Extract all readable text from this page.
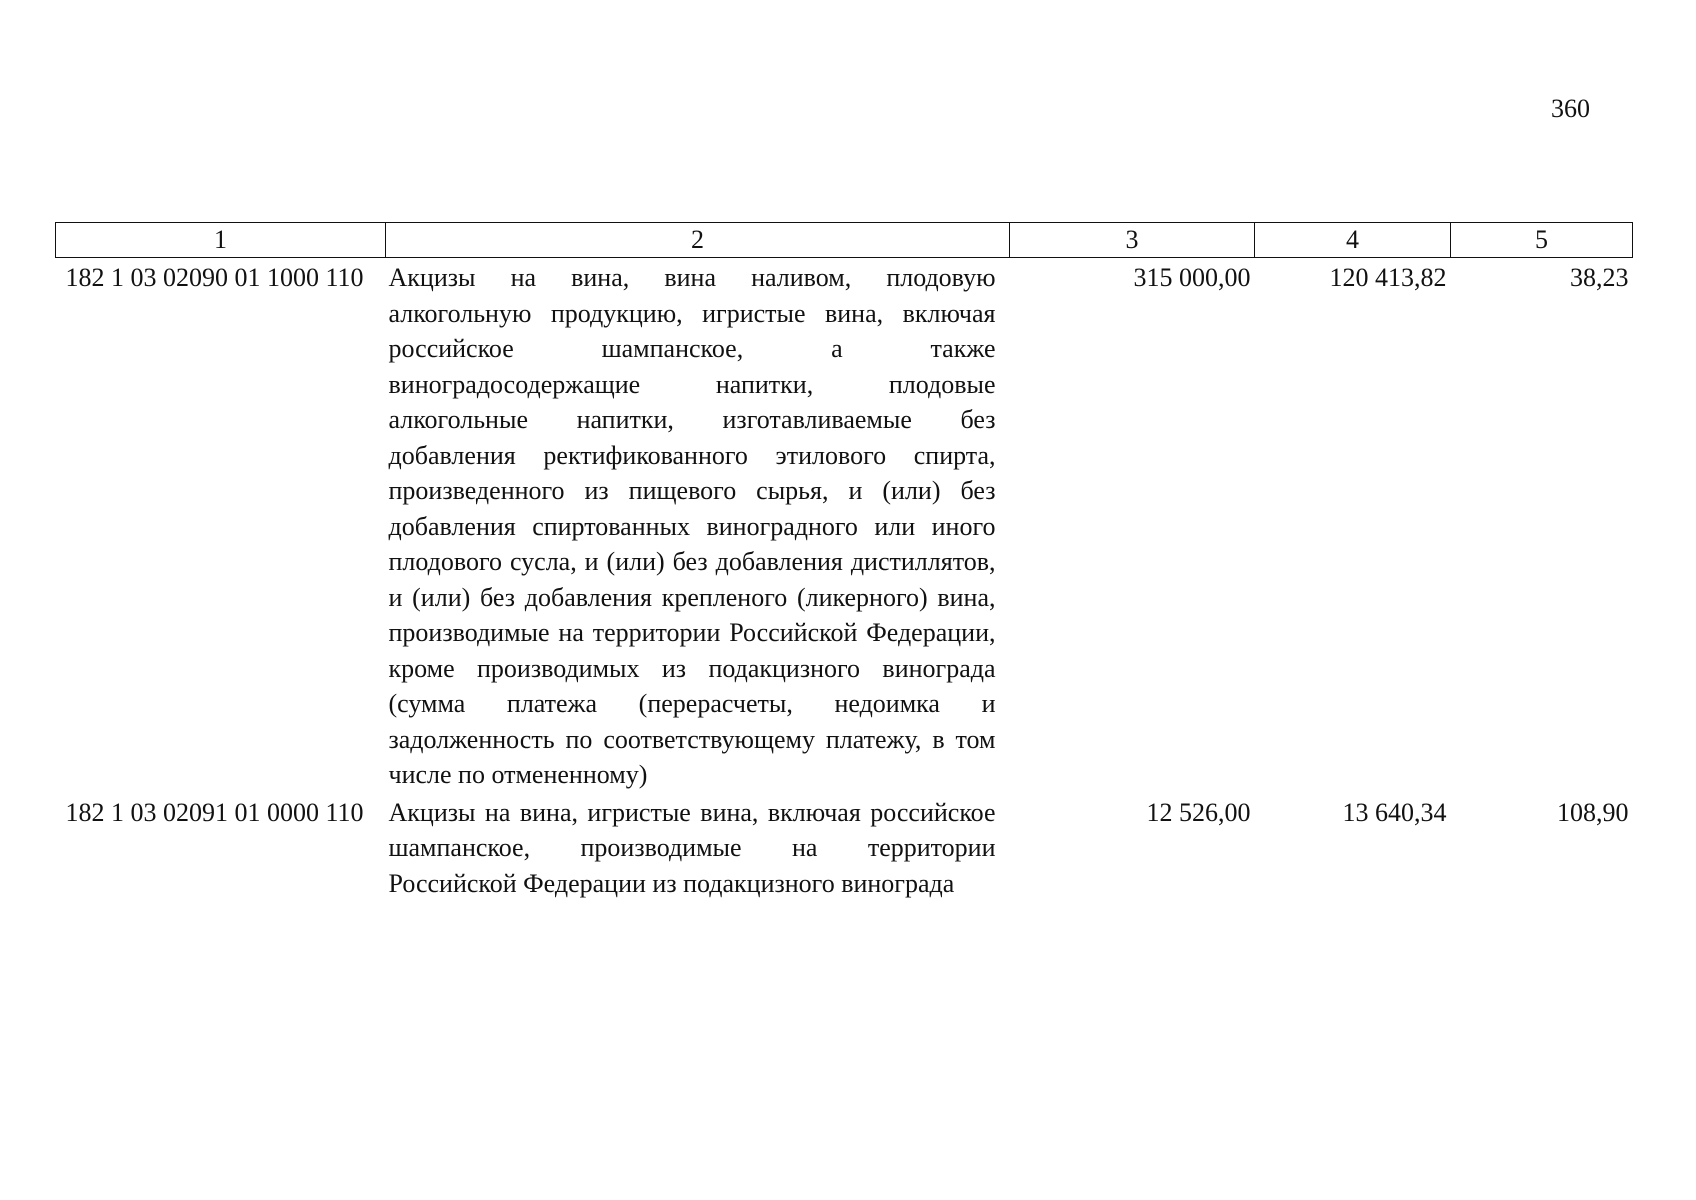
360
1	2	3	4	5
182 1 03 02090 01 1000 110	Акцизы на вина, вина наливом, плодовую алкогольную продукцию, игристые вина, включая российское шампанское, а также виноградосодержащие напитки, плодовые алкогольные напитки, изготавливаемые без добавления ректификованного этилового спирта, произведенного из пищевого сырья, и (или) без добавления спиртованных виноградного или иного плодового сусла, и (или) без добавления дистиллятов, и (или) без добавления крепленого (ликерного) вина, производимые на территории Российской Федерации, кроме производимых из подакцизного винограда (сумма платежа (перерасчеты, недоимка и задолженность по соответствующему платежу, в том числе по отмененному)	315 000,00	120 413,82	38,23
182 1 03 02091 01 0000 110	Акцизы на вина, игристые вина, включая российское шампанское, производимые на территории Российской Федерации из подакцизного винограда	12 526,00	13 640,34	108,90
